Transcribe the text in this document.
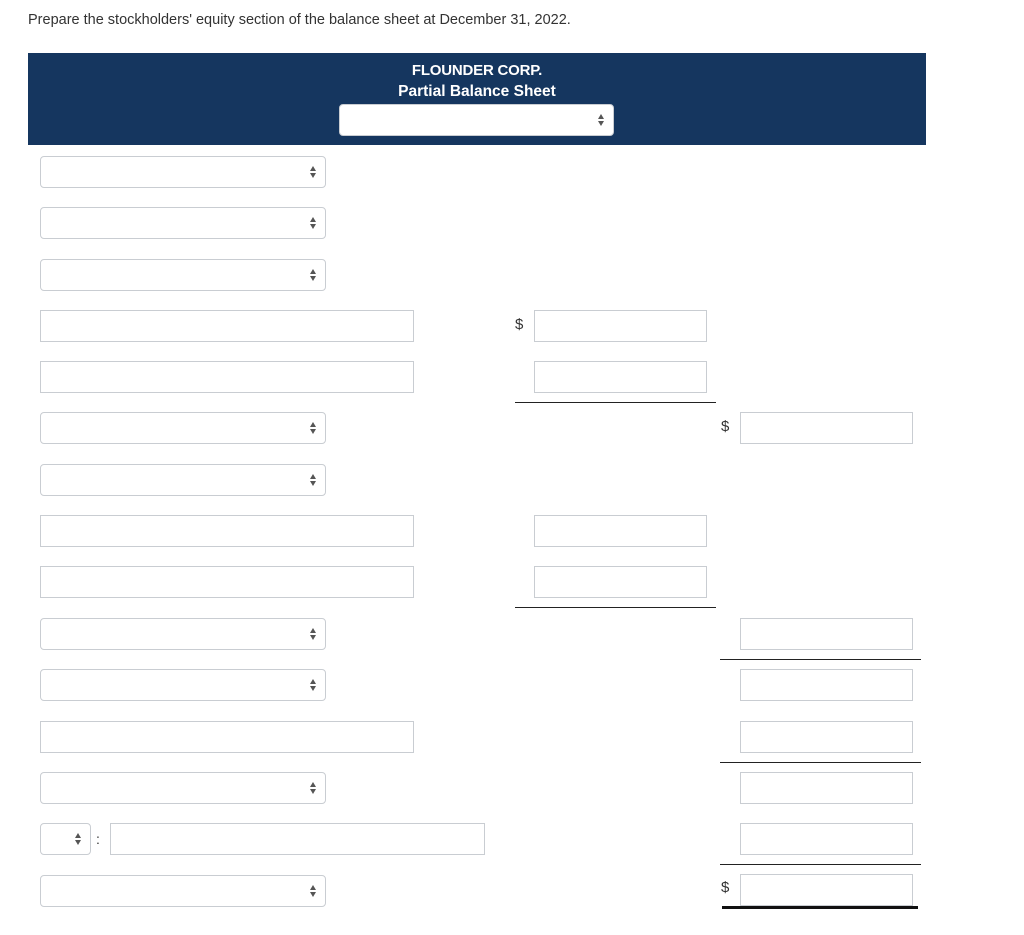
Prepare the stockholders' equity section of the balance sheet at December 31, 2022.
FLOUNDER CORP.
Partial Balance Sheet
$
$
:
$
